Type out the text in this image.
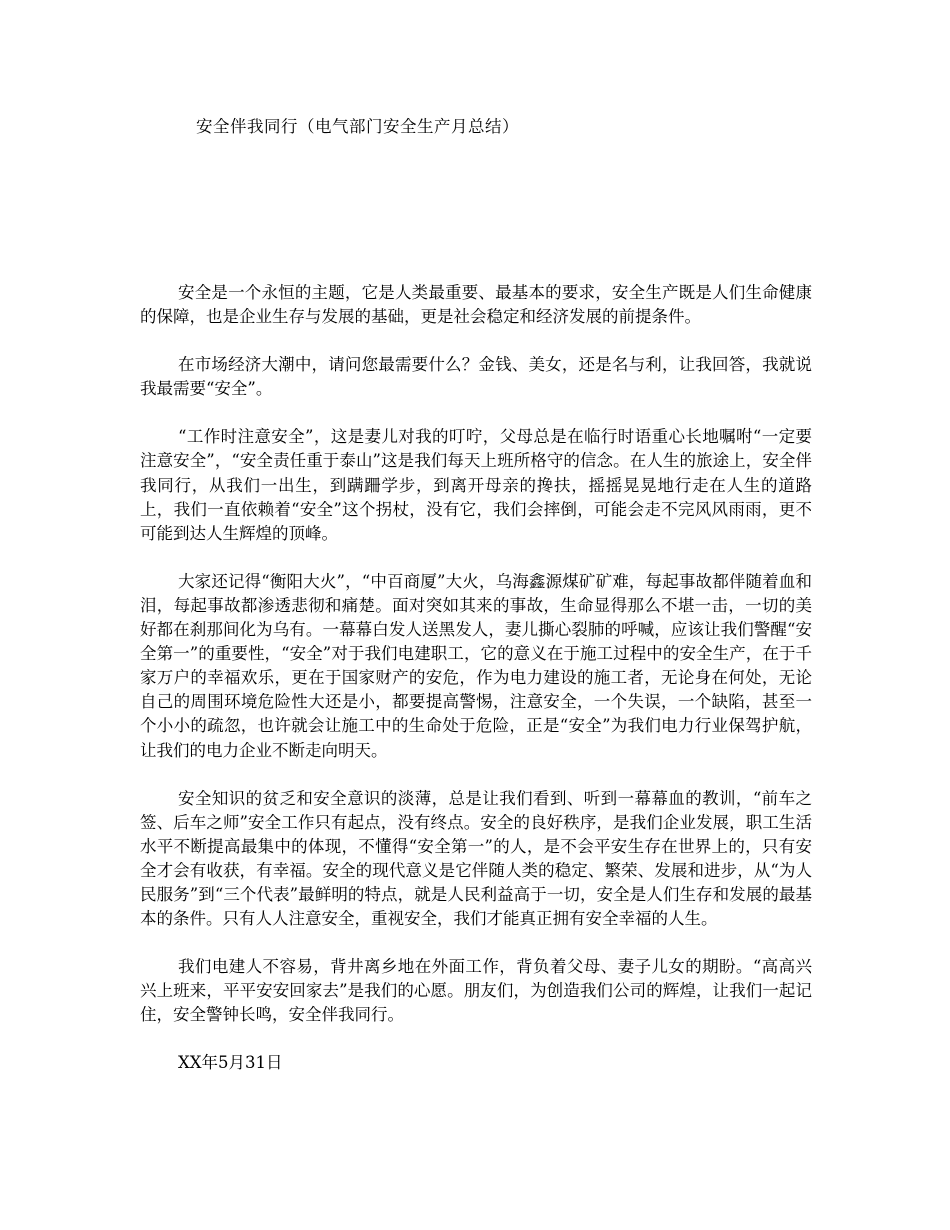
安全伴我同行（电气部门安全生产月总结）

安全是一个永恒的主题，它是人类最重要、最基本的要求，安全生产既是人们生命健康的保障，也是企业生存与发展的基础，更是社会稳定和经济发展的前提条件。

在市场经济大潮中，请问您最需要什么？金钱、美女，还是名与利，让我回答，我就说我最需要“安全”。

“工作时注意安全”，这是妻儿对我的叮咛，父母总是在临行时语重心长地嘱咐“一定要注意安全”，“安全责任重于泰山”这是我们每天上班所格守的信念。在人生的旅途上，安全伴我同行，从我们一出生，到蹒跚学步，到离开母亲的搀扶，摇摇晃晃地行走在人生的道路上，我们一直依赖着“安全”这个拐杖，没有它，我们会摔倒，可能会走不完风风雨雨，更不可能到达人生辉煌的顶峰。

大家还记得“衡阳大火”，“中百商厦”大火，乌海鑫源煤矿矿难，每起事故都伴随着血和泪，每起事故都渗透悲彻和痛楚。面对突如其来的事故，生命显得那么不堪一击，一切的美好都在刹那间化为乌有。一幕幕白发人送黑发人，妻儿撕心裂肺的呼喊，应该让我们警醒“安全第一”的重要性，“安全”对于我们电建职工，它的意义在于施工过程中的安全生产，在于千家万户的幸福欢乐，更在于国家财产的安危，作为电力建设的施工者，无论身在何处，无论自己的周围环境危险性大还是小，都要提高警惕，注意安全，一个失误，一个缺陷，甚至一个小小的疏忽，也许就会让施工中的生命处于危险，正是“安全”为我们电力行业保驾护航，让我们的电力企业不断走向明天。

安全知识的贫乏和安全意识的淡薄，总是让我们看到、听到一幕幕血的教训，“前车之签、后车之师”安全工作只有起点，没有终点。安全的良好秩序，是我们企业发展，职工生活水平不断提高最集中的体现，不懂得“安全第一”的人，是不会平安生存在世界上的，只有安全才会有收获，有幸福。安全的现代意义是它伴随人类的稳定、繁荣、发展和进步，从“为人民服务”到“三个代表”最鲜明的特点，就是人民利益高于一切，安全是人们生存和发展的最基本的条件。只有人人注意安全，重视安全，我们才能真正拥有安全幸福的人生。

我们电建人不容易，背井离乡地在外面工作，背负着父母、妻子儿女的期盼。“高高兴兴上班来，平平安安回家去”是我们的心愿。朋友们，为创造我们公司的辉煌，让我们一起记住，安全警钟长鸣，安全伴我同行。

XX年5月31日
